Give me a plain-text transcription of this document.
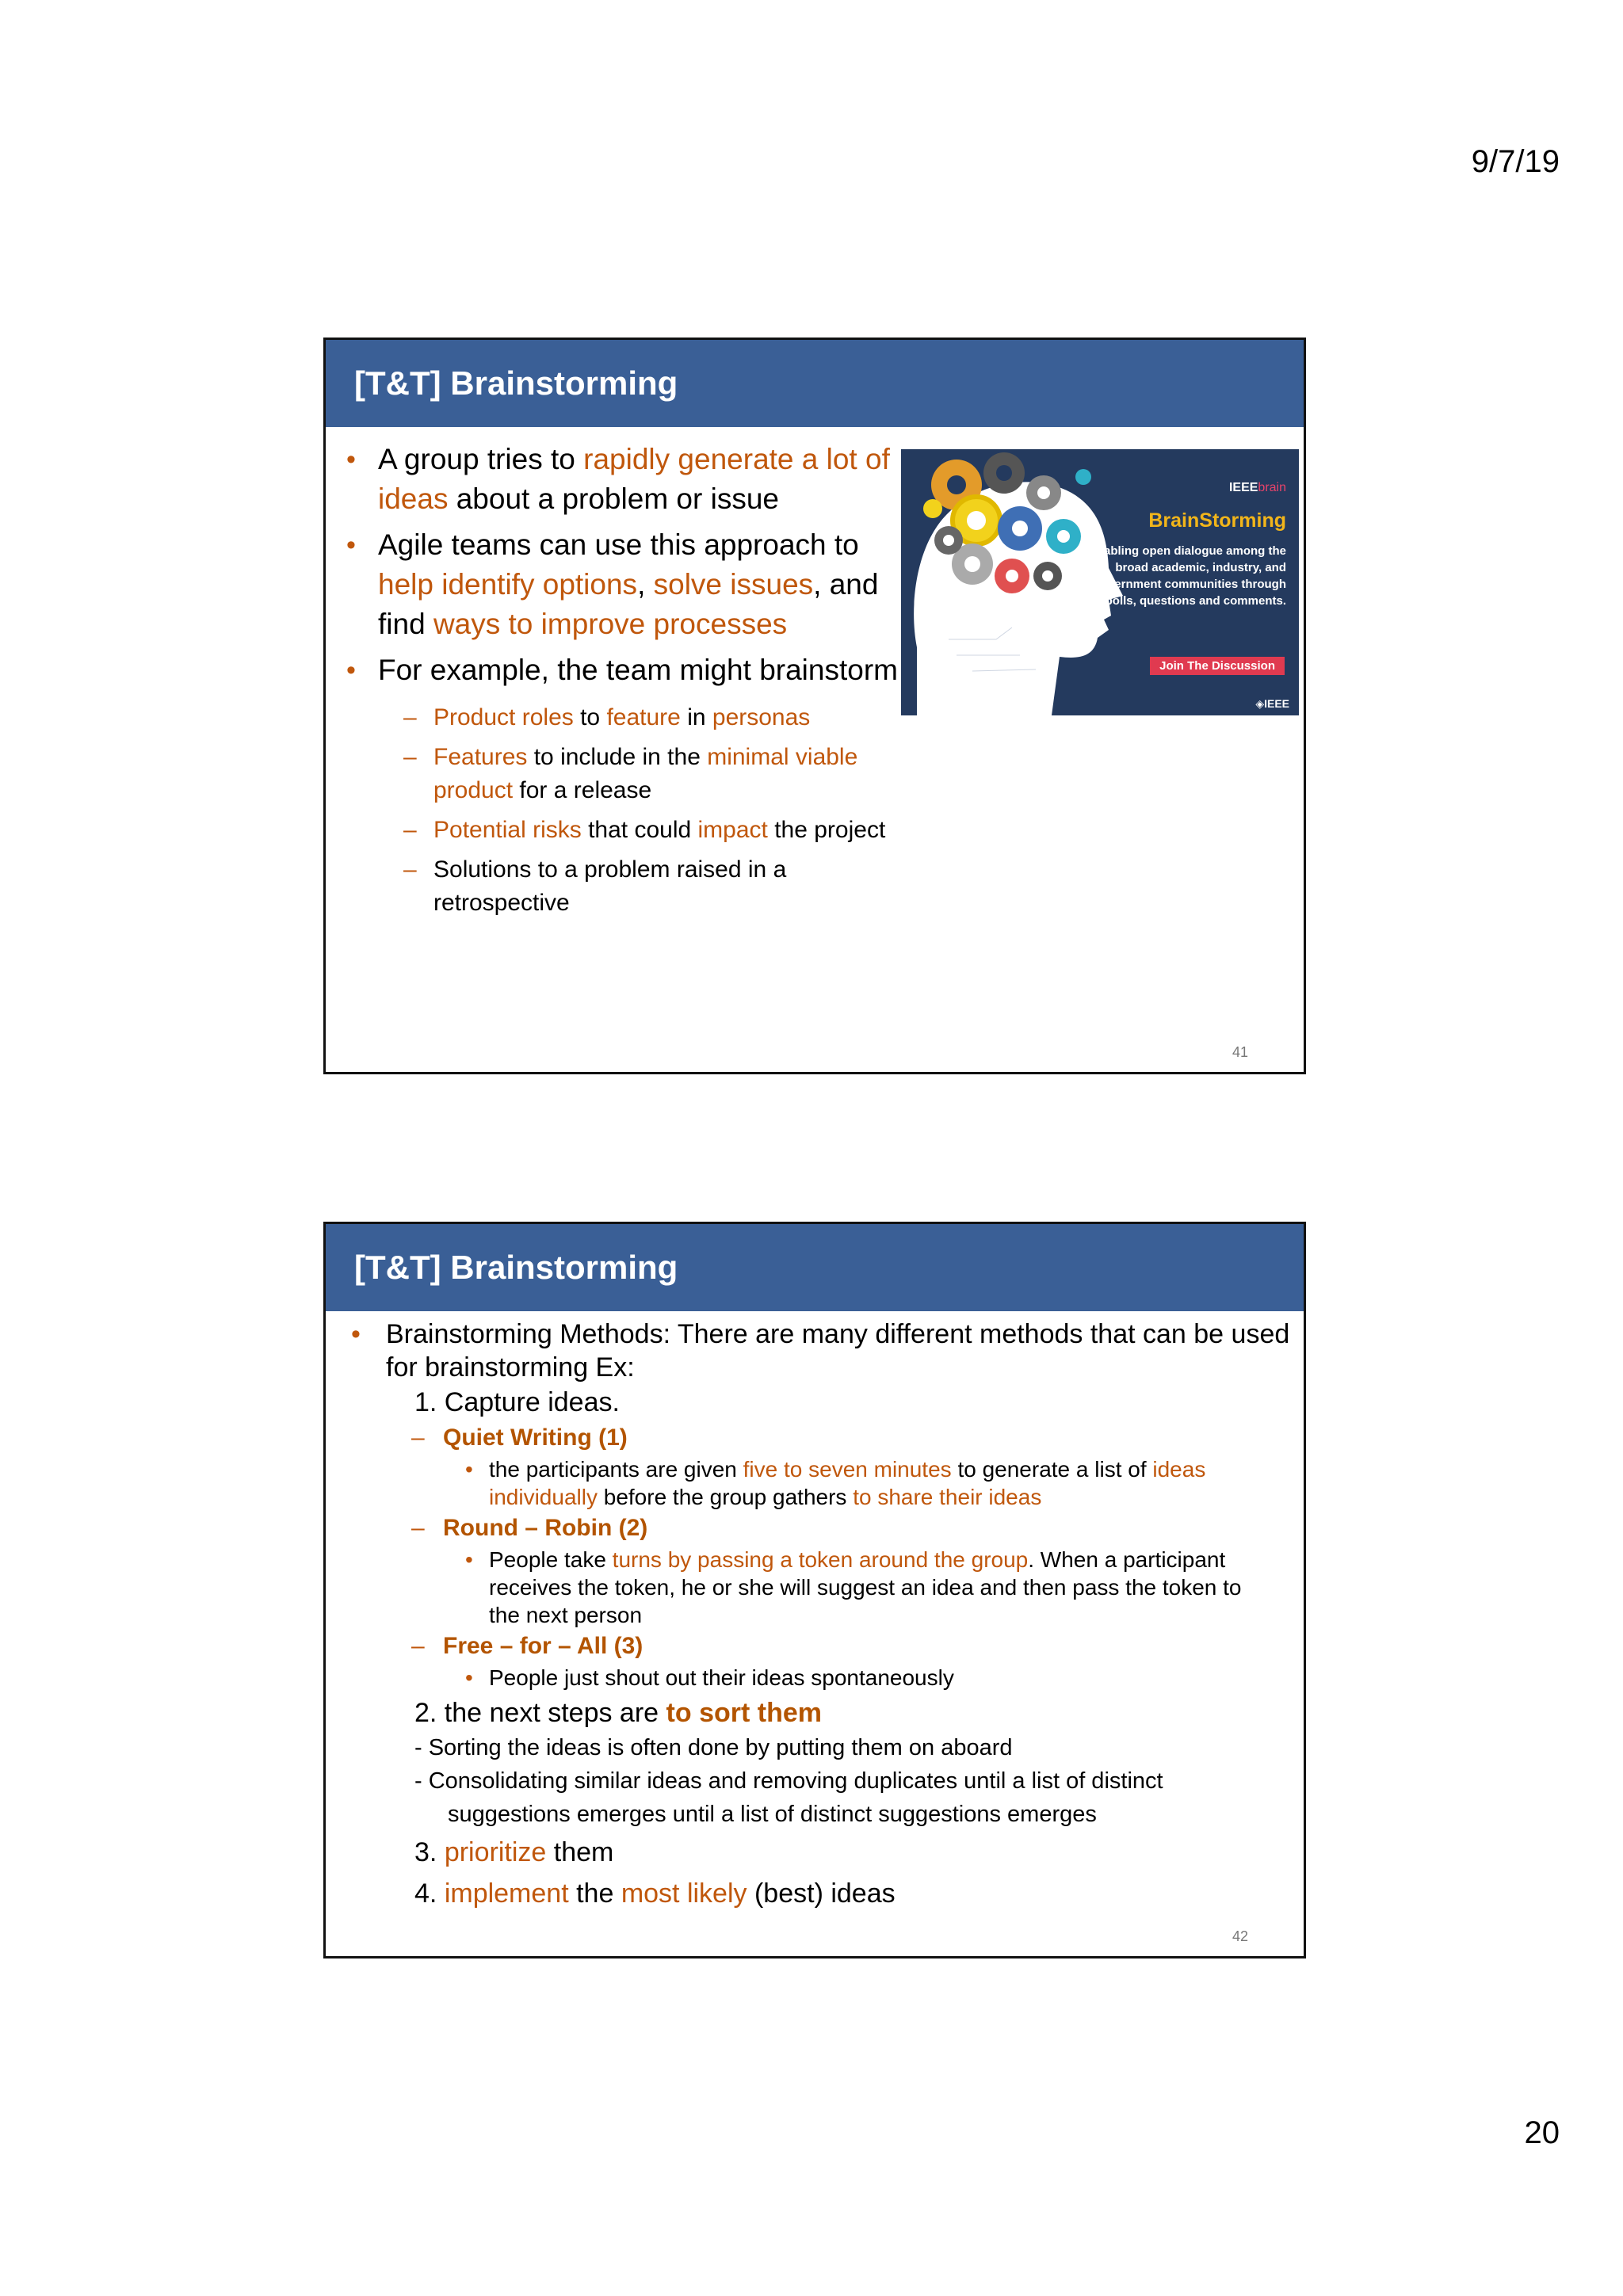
9/7/19
[T&T] Brainstorming
• A group tries to rapidly generate a lot of ideas about a problem or issue
• Agile teams can use this approach to help identify options, solve issues, and find ways to improve processes
• For example, the team might brainstorm
– Product roles to feature in personas
– Features to include in the minimal viable product for a release
– Potential risks that could impact the project
– Solutions to a problem raised in a retrospective
IEEEbrain
BrainStorming
Enabling open dialogue among the broad academic, industry, and government communities through polls, questions and comments.
Join The Discussion
◈IEEE
41
[T&T] Brainstorming
• Brainstorming Methods: There are many different methods that can be used for brainstorming Ex:
1. Capture ideas.
– Quiet Writing (1)
• the participants are given five to seven minutes to generate a list of ideas individually before the group gathers to share their ideas
– Round – Robin (2)
• People take turns by passing a token around the group. When a participant receives the token, he or she will suggest an idea and then pass the token to the next person
– Free – for – All (3)
• People just shout out their ideas spontaneously
2. the next steps are to sort them
- Sorting the ideas is often done by putting them on aboard
- Consolidating similar ideas and removing duplicates until a list of distinct
suggestions emerges until a list of distinct suggestions emerges
3. prioritize them
4. implement the most likely (best) ideas
42
20
